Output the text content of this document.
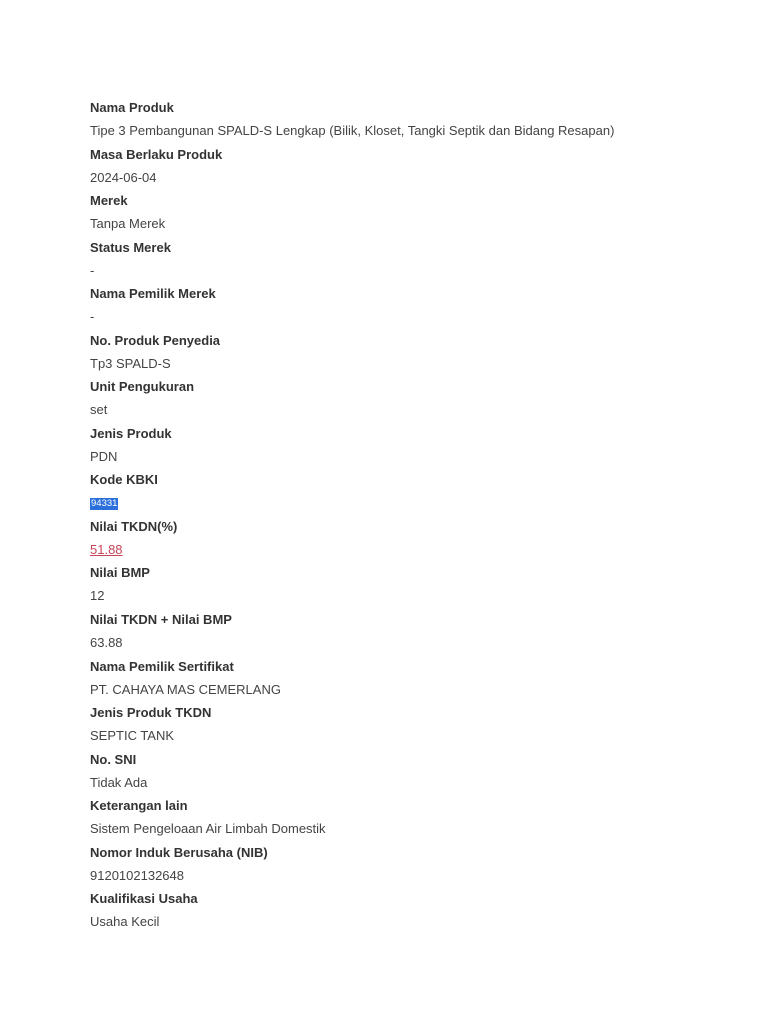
Nama Produk
Tipe 3 Pembangunan SPALD-S Lengkap (Bilik, Kloset, Tangki Septik dan Bidang Resapan)
Masa Berlaku Produk
2024-06-04
Merek
Tanpa Merek
Status Merek
-
Nama Pemilik Merek
-
No. Produk Penyedia
Tp3 SPALD-S
Unit Pengukuran
set
Jenis Produk
PDN
Kode KBKI
94331
Nilai TKDN(%)
51.88
Nilai BMP
12
Nilai TKDN + Nilai BMP
63.88
Nama Pemilik Sertifikat
PT. CAHAYA MAS CEMERLANG
Jenis Produk TKDN
SEPTIC TANK
No. SNI
Tidak Ada
Keterangan lain
Sistem Pengeloaan Air Limbah Domestik
Nomor Induk Berusaha (NIB)
9120102132648
Kualifikasi Usaha
Usaha Kecil
